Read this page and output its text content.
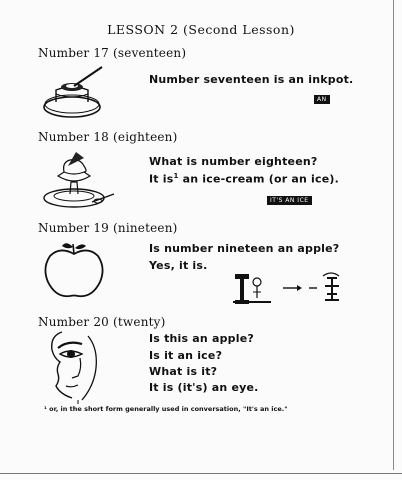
LESSON 2 (Second Lesson)
Number 17 (seventeen)
Number seventeen is an inkpot.
AN
Number 18 (eighteen)
What is number eighteen?
It $is^1$ an ice-cream (or an ice).
IT'S AN ICE
Number 19 (nineteen)
Is number nineteen an apple?
Yes, it is.
Number 20 (twenty)
Is this an apple?
Is it an ice?
What is it?
It is (it's) an eye.
¹ or, in the short form generally used in conversation, "It's an ice."
